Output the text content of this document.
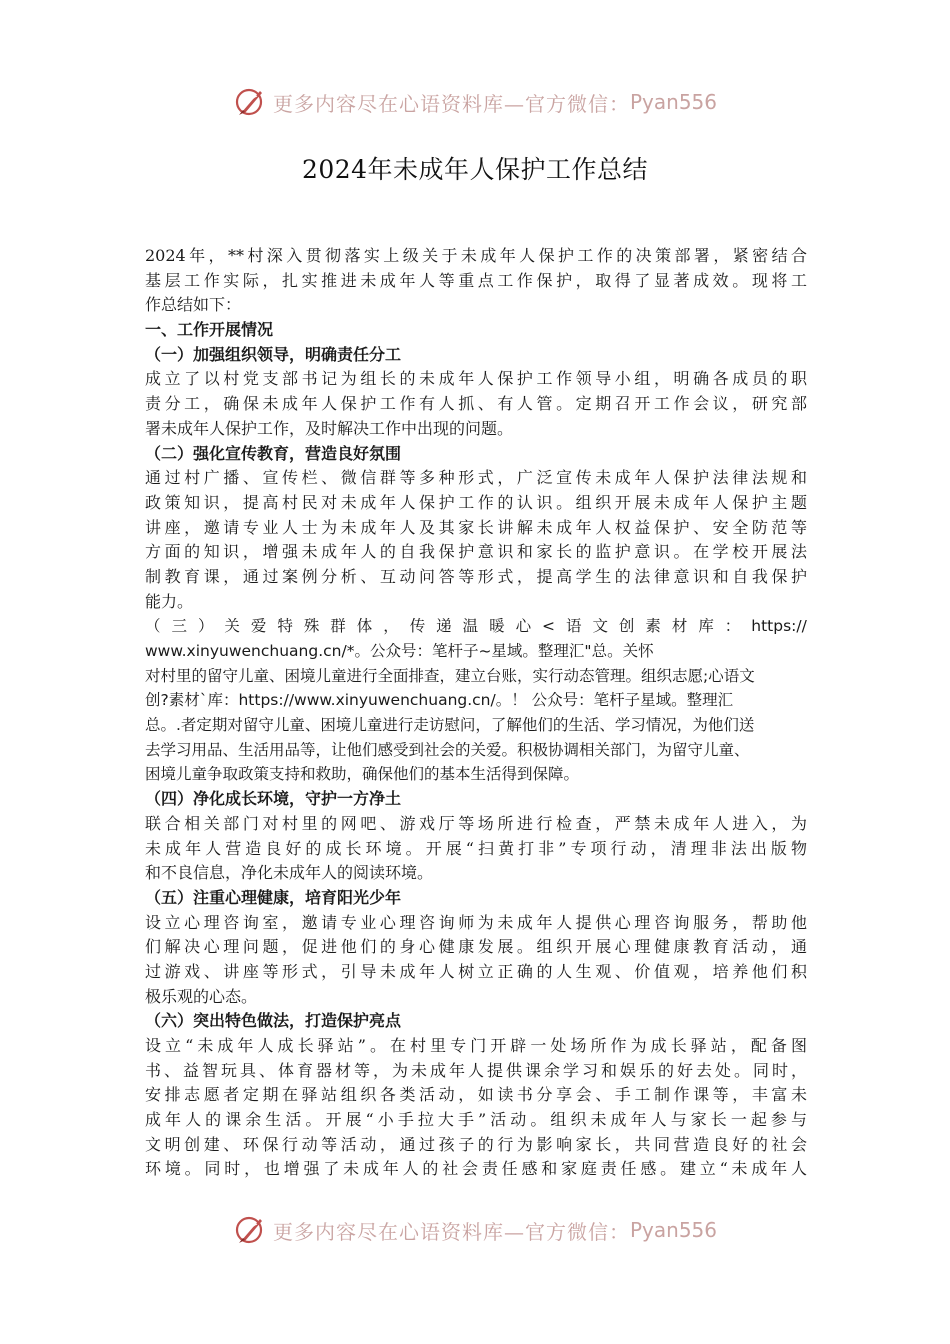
更多内容尽在心语资料库—官方微信： Pyan556
2024年未成年人保护工作总结
2024年，**村深入贯彻落实上级关于未成年人保护工作的决策部署，紧密结合
基层工作实际，扎实推进未成年人等重点工作保护，取得了显著成效。现将工
作总结如下：
一、工作开展情况
（一）加强组织领导，明确责任分工
成立了以村党支部书记为组长的未成年人保护工作领导小组，明确各成员的职
责分工，确保未成年人保护工作有人抓、有人管。定期召开工作会议，研究部
署未成年人保护工作，及时解决工作中出现的问题。
（二）强化宣传教育，营造良好氛围
通过村广播、宣传栏、微信群等多种形式，广泛宣传未成年人保护法律法规和
政策知识，提高村民对未成年人保护工作的认识。组织开展未成年人保护主题
讲座，邀请专业人士为未成年人及其家长讲解未成年人权益保护、安全防范等
方面的知识，增强未成年人的自我保护意识和家长的监护意识。在学校开展法
制教育课，通过案例分析、互动问答等形式，提高学生的法律意识和自我保护
能力。
（ 三 ） 关 爱 特 殊 群 体 ， 传 递 温 暖 心 < 语 文 创 素 材 库 ： https://
www.xinyuwenchuang.cn/*。公众号：笔杆子~星域。整理汇"总。关怀
对村里的留守儿童、困境儿童进行全面排查，建立台账，实行动态管理。组织志愿;心语文
创?素材`库：https://www.xinyuwenchuang.cn/。！ 公众号：笔杆子星域。整理汇
总。.者定期对留守儿童、困境儿童进行走访慰问，了解他们的生活、学习情况，为他们送
去学习用品、生活用品等，让他们感受到社会的关爱。积极协调相关部门，为留守儿童、
困境儿童争取政策支持和救助，确保他们的基本生活得到保障。
（四）净化成长环境，守护一方净土
联合相关部门对村里的网吧、游戏厅等场所进行检查，严禁未成年人进入，为
未成年人营造良好的成长环境。开展“扫黄打非”专项行动，清理非法出版物
和不良信息，净化未成年人的阅读环境。
（五）注重心理健康，培育阳光少年
设立心理咨询室，邀请专业心理咨询师为未成年人提供心理咨询服务，帮助他
们解决心理问题，促进他们的身心健康发展。组织开展心理健康教育活动，通
过游戏、讲座等形式，引导未成年人树立正确的人生观、价值观，培养他们积
极乐观的心态。
（六）突出特色做法，打造保护亮点
设立“未成年人成长驿站”。在村里专门开辟一处场所作为成长驿站，配备图
书、益智玩具、体育器材等，为未成年人提供课余学习和娱乐的好去处。同时，
安排志愿者定期在驿站组织各类活动，如读书分享会、手工制作课等，丰富未
成年人的课余生活。开展“小手拉大手”活动。组织未成年人与家长一起参与
文明创建、环保行动等活动，通过孩子的行为影响家长，共同营造良好的社会
环境。同时，也增强了未成年人的社会责任感和家庭责任感。建立“未成年人
更多内容尽在心语资料库—官方微信： Pyan556
